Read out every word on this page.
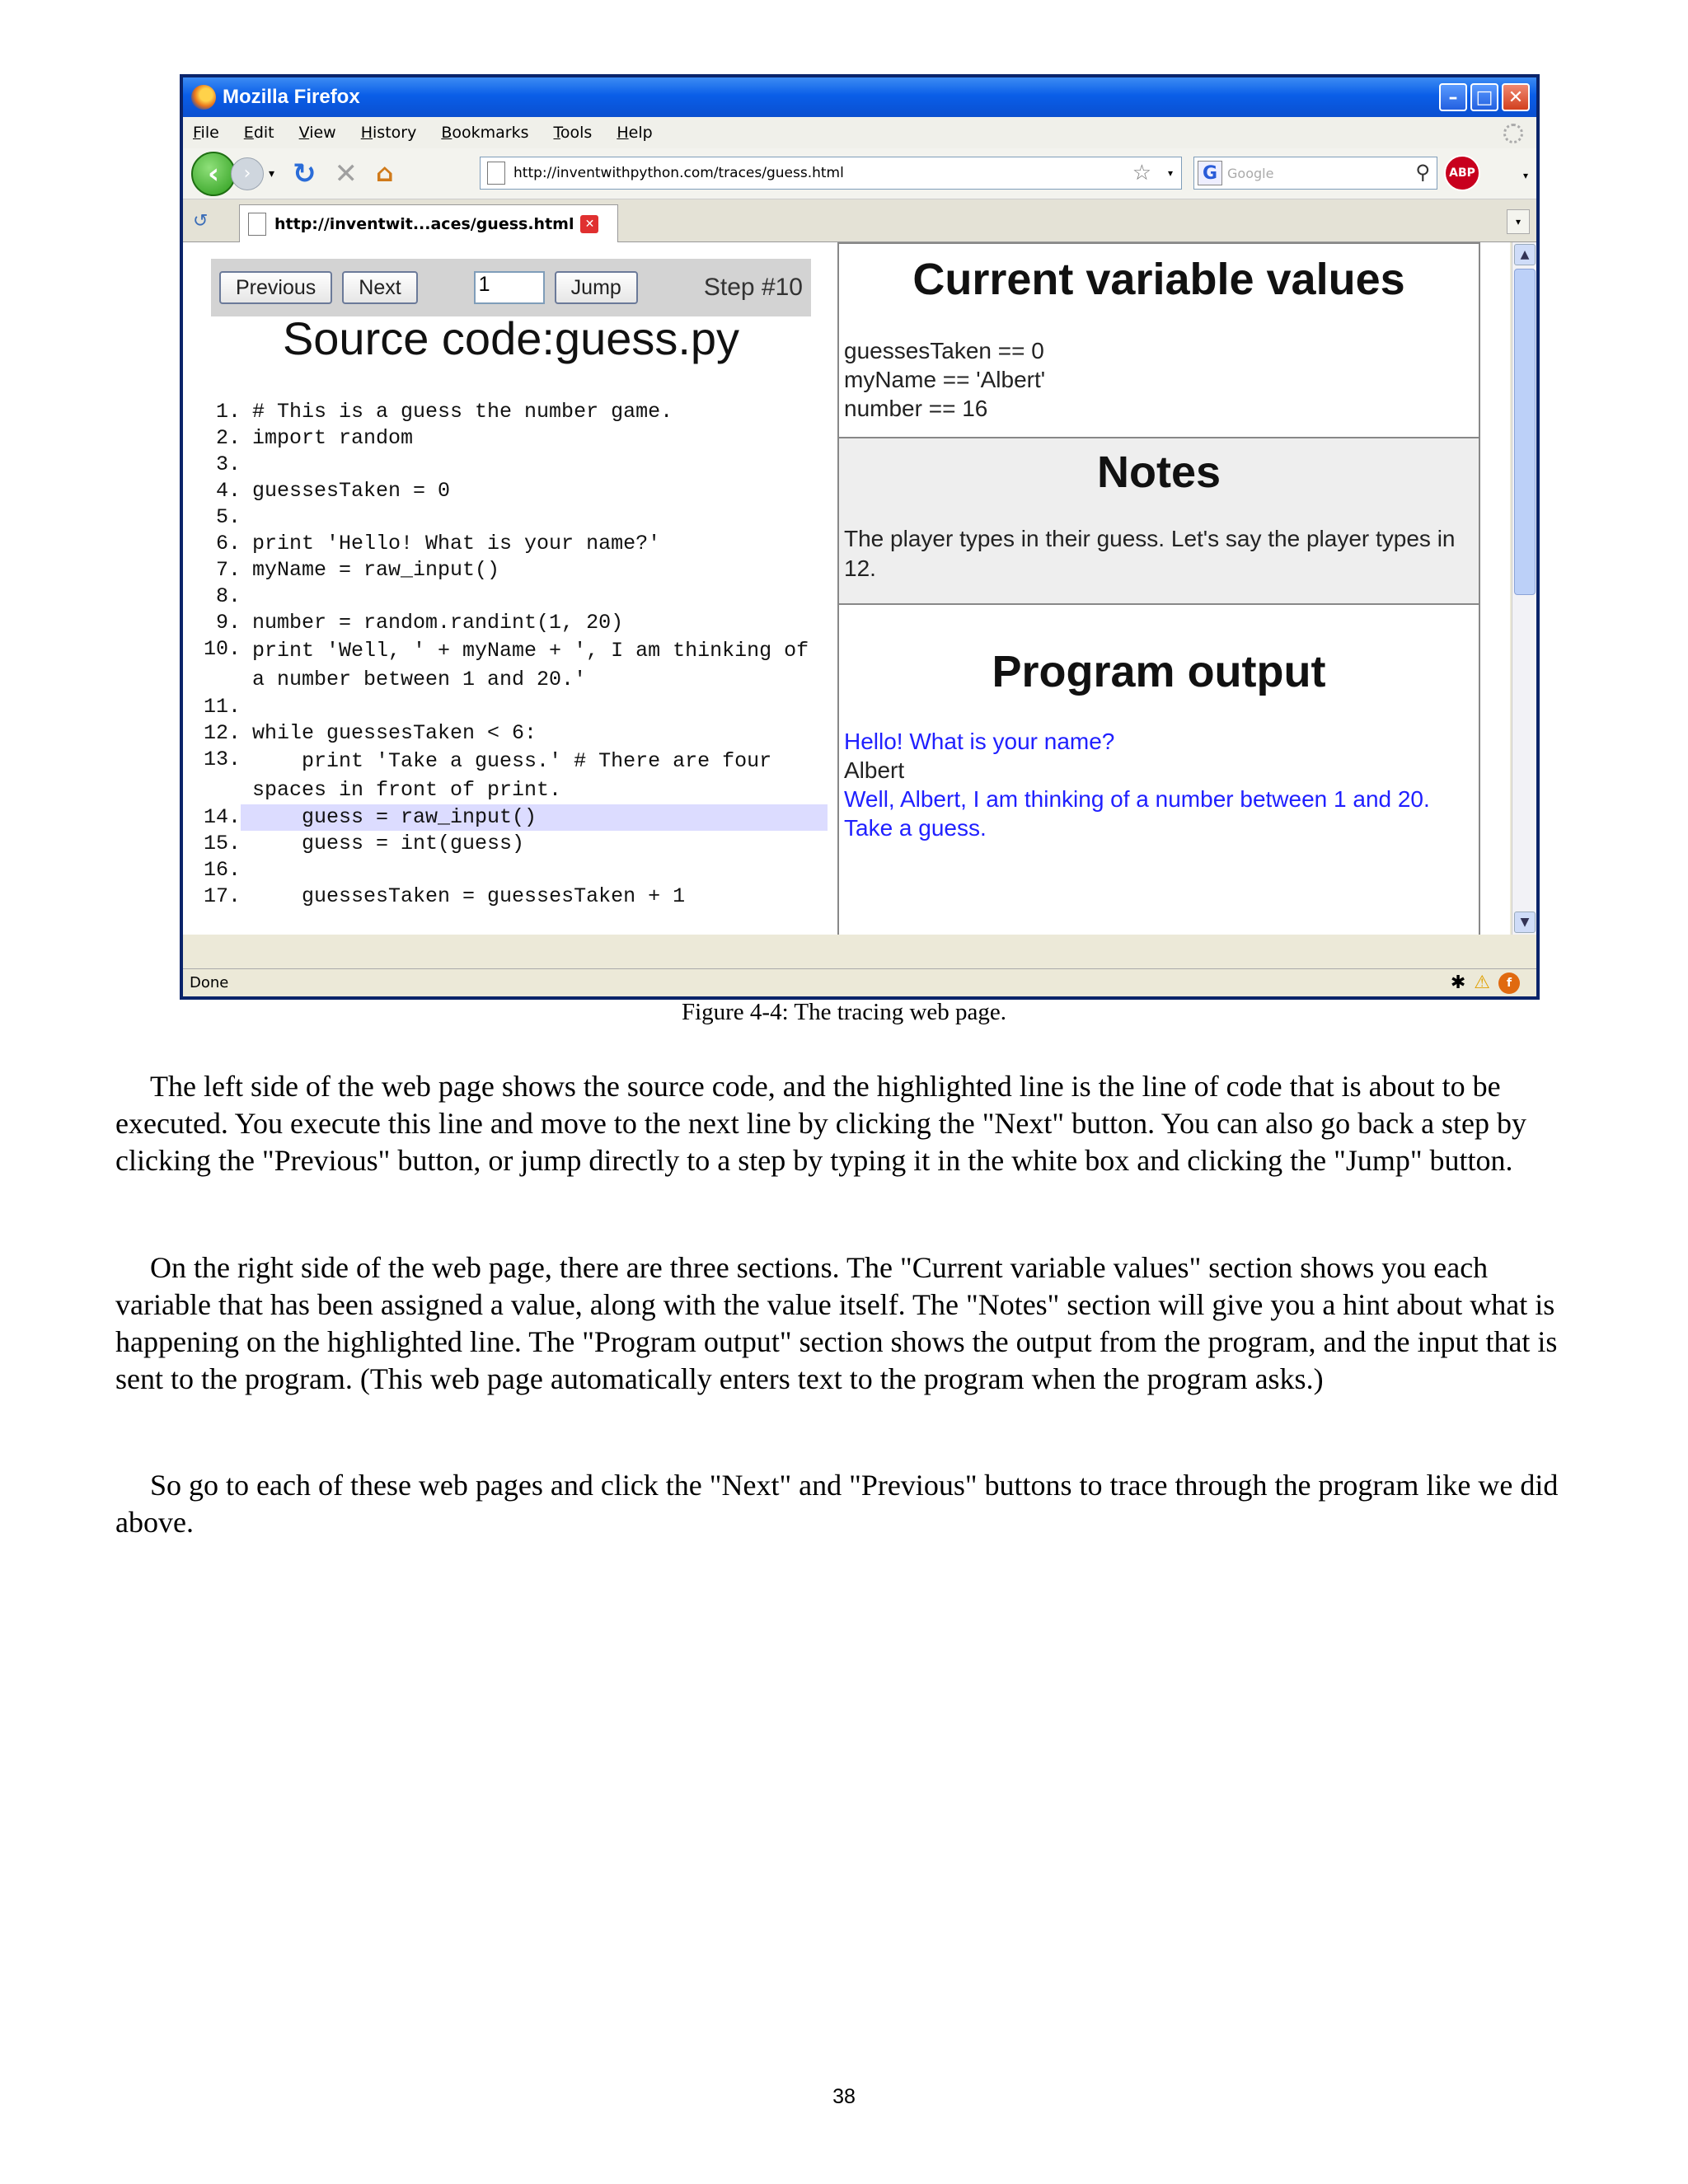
Mozilla Firefox	–	□ ✕
File Edit View History Bookmarks Tools Help
‹	›	▾ ↻ ✕ ⌂	http://inventwithpython.com/traces/guess.html	☆ ▾ G Google	⚲	ABP	▾
↺	http://inventwit...aces/guess.html ✕	▾
Previous	Next	1	Jump	Step #10
Source code:guess.py
1. # This is a guess the number game.
2. import random
3.
4. guessesTaken = 0
5.
6. print 'Hello! What is your name?'
7. myName = raw_input()
8.
9. number = random.randint(1, 20)
10. print 'Well, ' + myName + ', I am thinking of a number between 1 and 20.'
11.
12. while guessesTaken < 6:
13. print 'Take a guess.' # There are four spaces in front of print.
14. guess = raw_input()
15. guess = int(guess)
16.
17. guessesTaken = guessesTaken + 1
Current variable values
guessesTaken == 0
myName == 'Albert'
number == 16
Notes
The player types in their guess. Let's say the player types in 12.
Program output
Hello! What is your name?
Albert
Well, Albert, I am thinking of a number between 1 and 20.
Take a guess.
▲
▼
Done	✱ ⚠	f
Figure 4-4: The tracing web page.

The left side of the web page shows the source code, and the highlighted line is the line of code that is about to be executed. You execute this line and move to the next line by clicking the "Next" button. You can also go back a step by clicking the "Previous" button, or jump directly to a step by typing it in the white box and clicking the "Jump" button.

On the right side of the web page, there are three sections. The "Current variable values" section shows you each variable that has been assigned a value, along with the value itself. The "Notes" section will give you a hint about what is happening on the highlighted line. The "Program output" section shows the output from the program, and the input that is sent to the program. (This web page automatically enters text to the program when the program asks.)

So go to each of these web pages and click the "Next" and "Previous" buttons to trace through the program like we did above.

38
